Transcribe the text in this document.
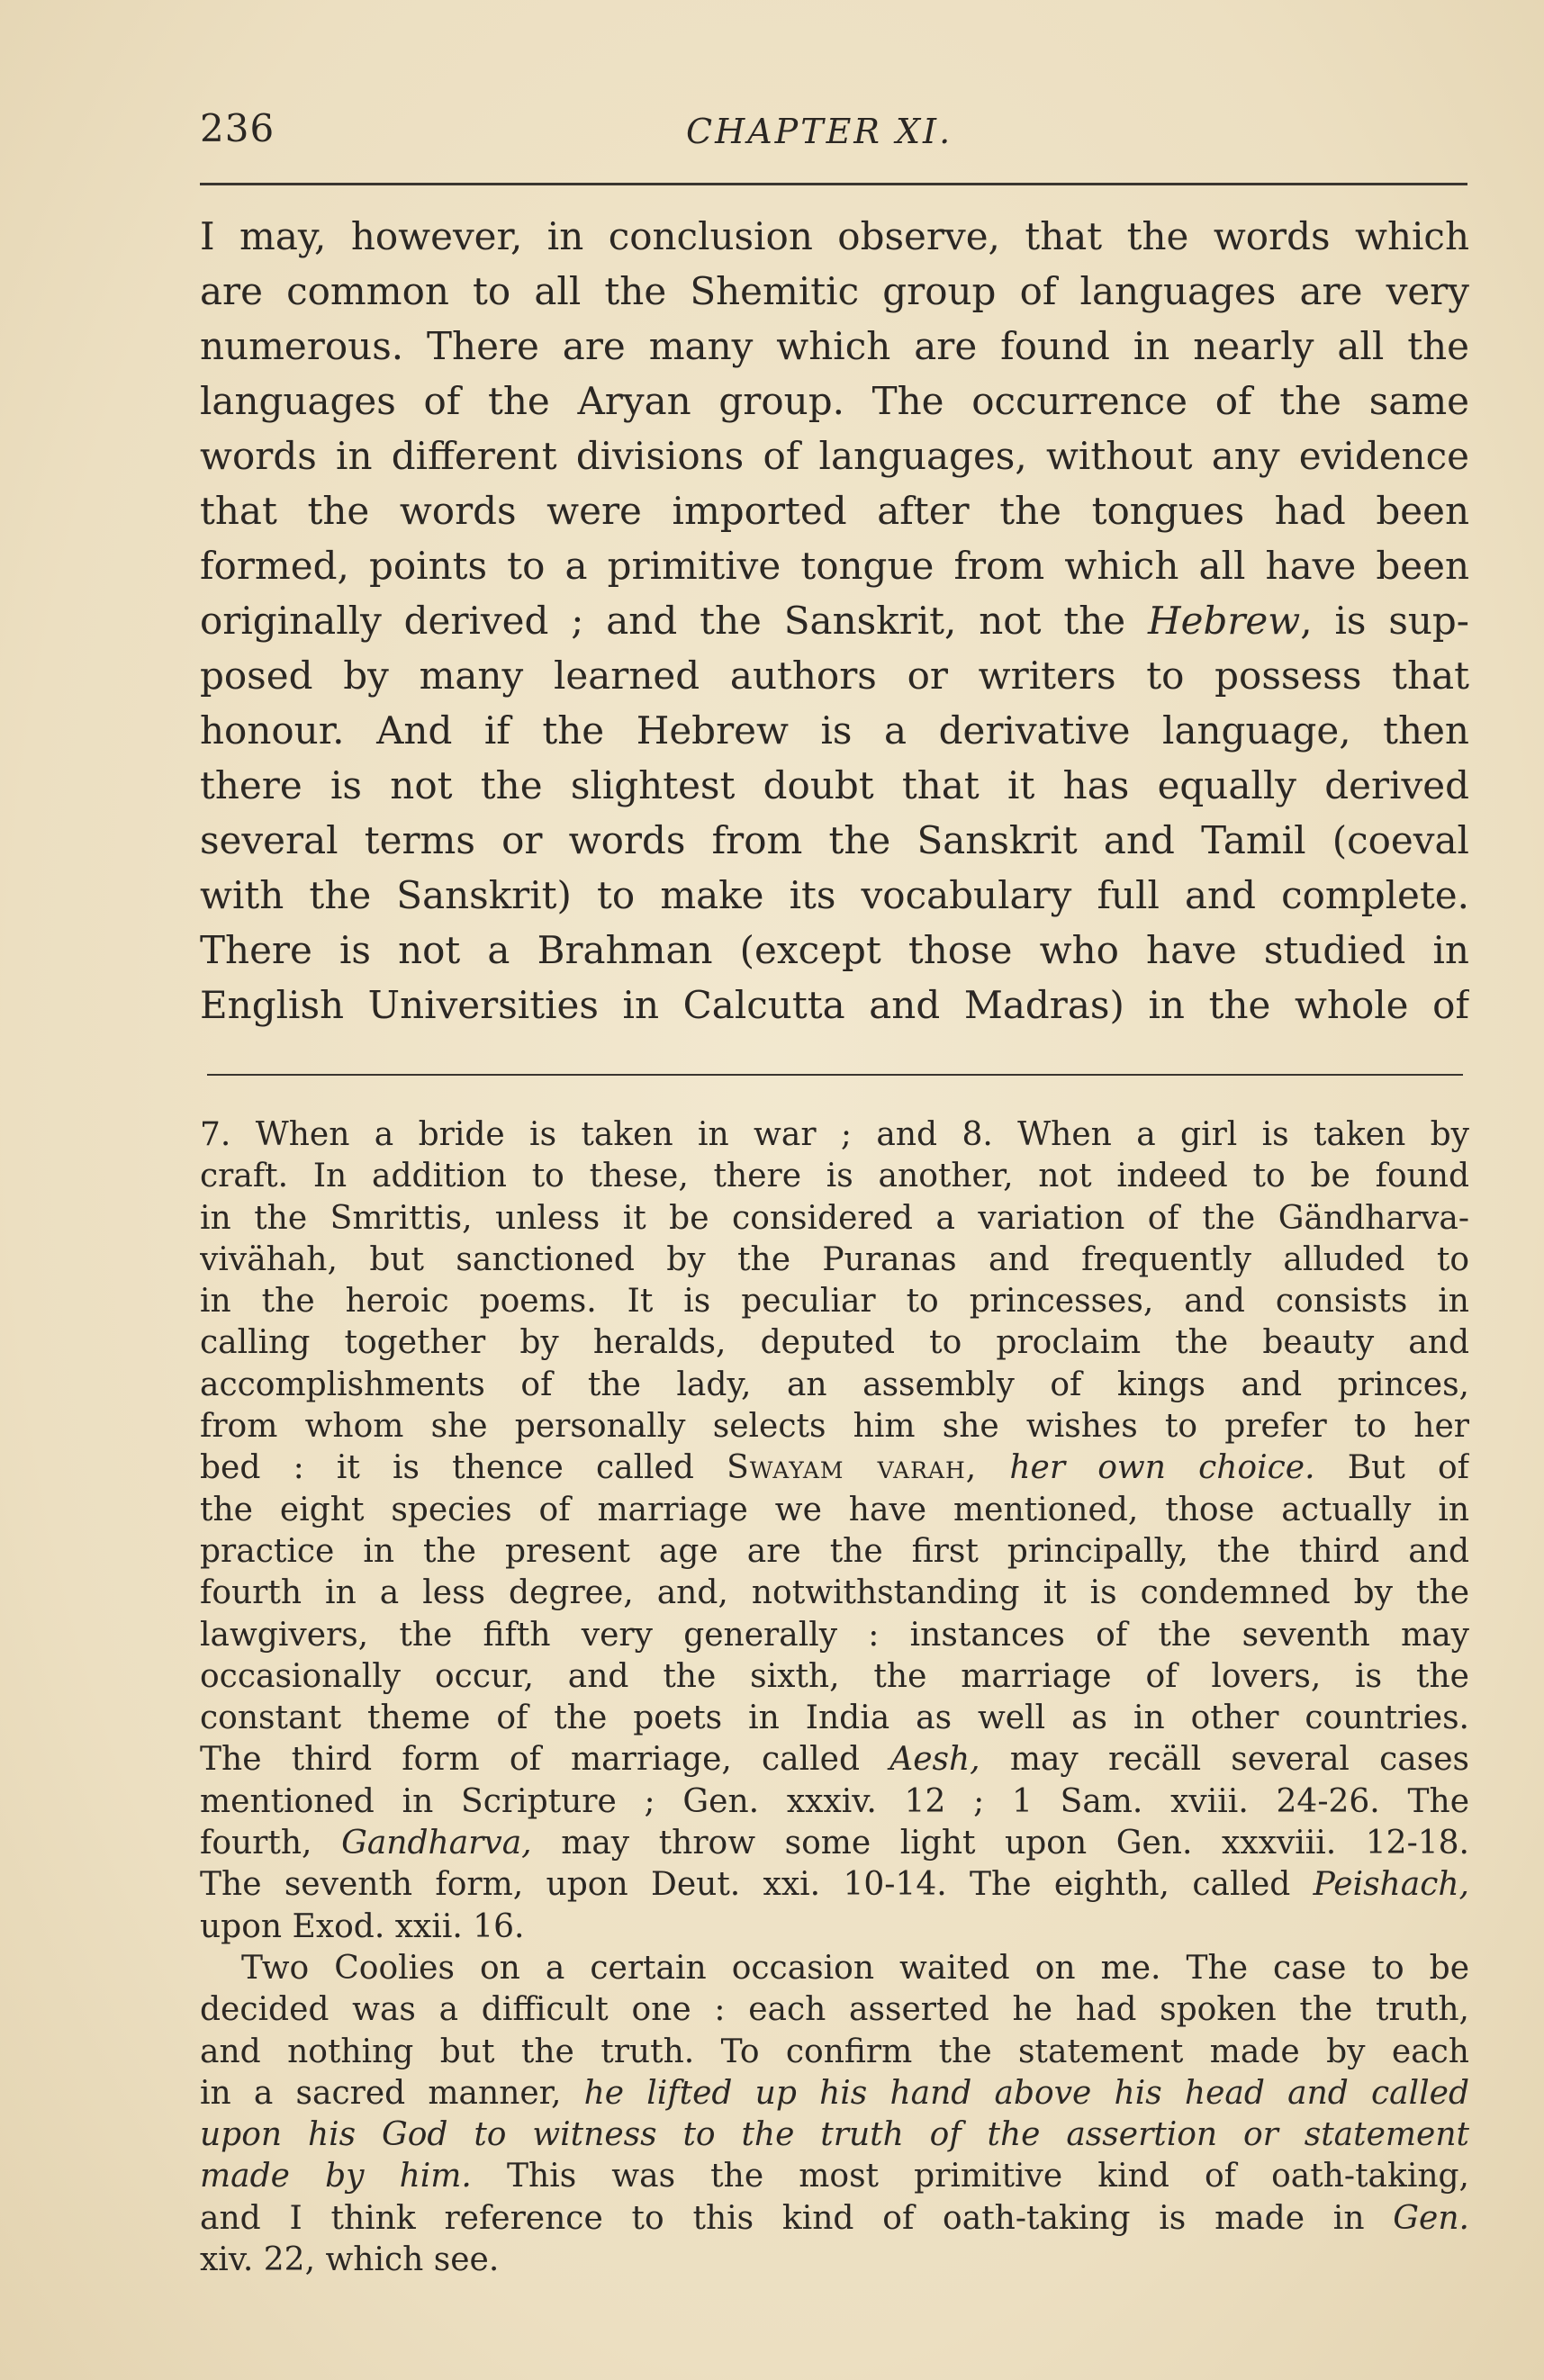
236	CHAPTER XI.
I may, however, in conclusion observe, that the words which
are common to all the Shemitic group of languages are very
numerous. There are many which are found in nearly all the
languages of the Aryan group. The occurrence of the same
words in different divisions of languages, without any evidence
that the words were imported after the tongues had been
formed, points to a primitive tongue from which all have been
originally derived ; and the Sanskrit, not the Hebrew, is sup-
posed by many learned authors or writers to possess that
honour. And if the Hebrew is a derivative language, then
there is not the slightest doubt that it has equally derived
several terms or words from the Sanskrit and Tamil (coeval
with the Sanskrit) to make its vocabulary full and complete.
There is not a Brahman (except those who have studied in
English Universities in Calcutta and Madras) in the whole of
7. When a bride is taken in war ; and 8. When a girl is taken by
craft. In addition to these, there is another, not indeed to be found
in the Smrittis, unless it be considered a variation of the Gändharva-
vivähah, but sanctioned by the Puranas and frequently alluded to
in the heroic poems. It is peculiar to princesses, and consists in
calling together by heralds, deputed to proclaim the beauty and
accomplishments of the lady, an assembly of kings and princes,
from whom she personally selects him she wishes to prefer to her
bed : it is thence called Swayam varah, her own choice. But of
the eight species of marriage we have mentioned, those actually in
practice in the present age are the first principally, the third and
fourth in a less degree, and, notwithstanding it is condemned by the
lawgivers, the fifth very generally : instances of the seventh may
occasionally occur, and the sixth, the marriage of lovers, is the
constant theme of the poets in India as well as in other countries.
The third form of marriage, called Aesh, may recäll several cases
mentioned in Scripture ; Gen. xxxiv. 12 ; 1 Sam. xviii. 24-26. The
fourth, Gandharva, may throw some light upon Gen. xxxviii. 12-18.
The seventh form, upon Deut. xxi. 10-14. The eighth, called Peishach,
upon Exod. xxii. 16.
Two Coolies on a certain occasion waited on me. The case to be
decided was a difficult one : each asserted he had spoken the truth,
and nothing but the truth. To confirm the statement made by each
in a sacred manner, he lifted up his hand above his head and called
upon his God to witness to the truth of the assertion or statement
made by him. This was the most primitive kind of oath-taking,
and I think reference to this kind of oath-taking is made in Gen.
xiv. 22, which see.
